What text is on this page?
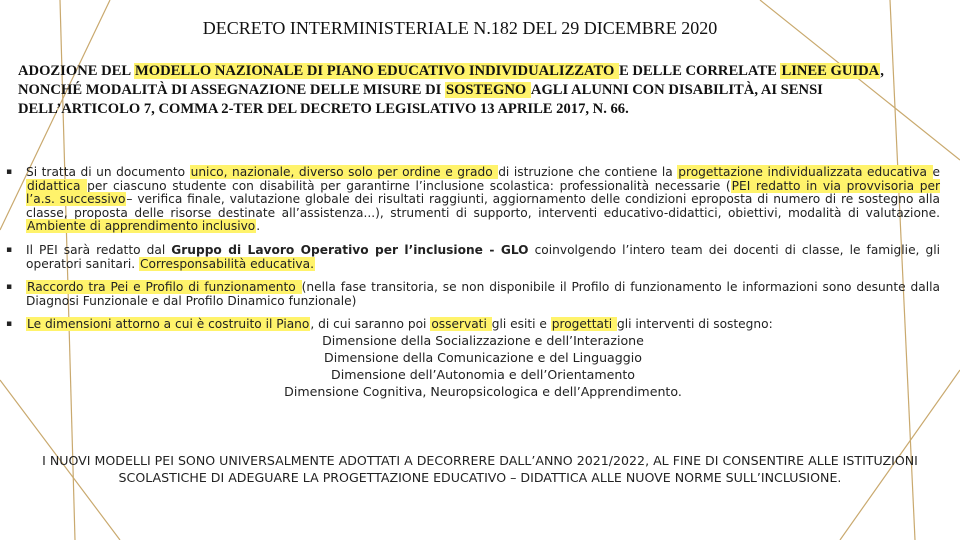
DECRETO INTERMINISTERIALE N.182 DEL 29 DICEMBRE 2020
ADOZIONE DEL MODELLO NAZIONALE DI PIANO EDUCATIVO INDIVIDUALIZZATO E DELLE CORRELATE LINEE GUIDA, NONCHÉ MODALITÀ DI ASSEGNAZIONE DELLE MISURE DI SOSTEGNO AGLI ALUNNI CON DISABILITÀ, AI SENSI DELL’ARTICOLO 7, COMMA 2-TER DEL DECRETO LEGISLATIVO 13 APRILE 2017, N. 66.
▪ Si tratta di un documento unico, nazionale, diverso solo per ordine e grado di istruzione che contiene la progettazione individualizzata educativa e didattica per ciascuno studente con disabilità per garantirne l’inclusione scolastica: professionalità necessarie (PEI redatto in via provvisoria per l’a.s. successivo– verifica finale, valutazione globale dei risultati raggiunti, aggiornamento delle condizioni eproposta di numero di re sostegno alla classe, proposta delle risorse destinate all’assistenza...), strumenti di supporto, interventi educativo-didattici, obiettivi, modalità di valutazione. Ambiente di apprendimento inclusivo.
▪ Il PEI sarà redatto dal Gruppo di Lavoro Operativo per l’inclusione - GLO coinvolgendo l’intero team dei docenti di classe, le famiglie, gli operatori sanitari. Corresponsabilità educativa.
▪ Raccordo tra Pei e Profilo di funzionamento (nella fase transitoria, se non disponibile il Profilo di funzionamento le informazioni sono desunte dalla Diagnosi Funzionale e dal Profilo Dinamico funzionale)
▪ Le dimensioni attorno a cui è costruito il Piano, di cui saranno poi osservati gli esiti e progettati gli interventi di sostegno:
Dimensione della Socializzazione e dell’Interazione
Dimensione della Comunicazione e del Linguaggio
Dimensione dell’Autonomia e dell’Orientamento
Dimensione Cognitiva, Neuropsicologica e dell’Apprendimento.
I NUOVI MODELLI PEI SONO UNIVERSALMENTE ADOTTATI A DECORRERE DALL’ANNO 2021/2022, AL FINE DI CONSENTIRE ALLE ISTITUZIONI SCOLASTICHE DI ADEGUARE LA PROGETTAZIONE EDUCATIVO – DIDATTICA ALLE NUOVE NORME SULL’INCLUSIONE.
